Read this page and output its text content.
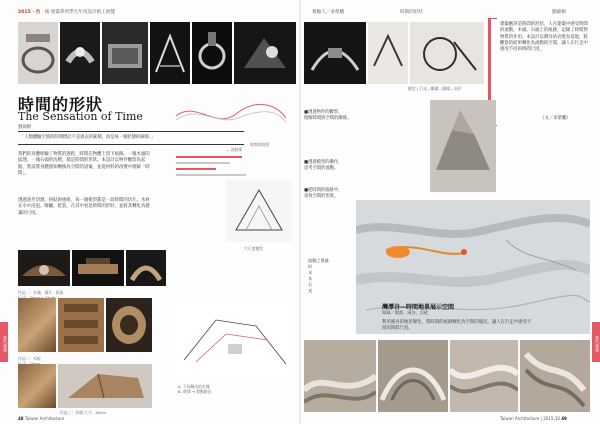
2015 · 台 · 後 建築系所學生年度設計紙上展覽
時間的形狀
The Sensation of Time
劉錦桐
「人類體驗空間的時間標記不是過去的累積，而是每一個狀態的細節。」
— 波赫斯
我們的身體經驗了物質的過程，時間在物體上留下痕跡。一塊木頭的紋理、一塊石頭的沈積，都是時間的形狀。本設計以物件觀察為起點，嘗試將身體感知轉換為空間的語彙，並從材料的改變中理解「時間」。
透過逐步切割、拼貼與重組，每一個模型都是一段時間的切片。木材在水中浸泡、曝曬、乾裂，在其中看見時間的形狀，並將其轉化為建築的尺度。
時間的紋理
大尺度模型
作品一：木塊、鑄片、紙板
作品二：木板
作品三：木塊 尺寸：40cm
A. 不同層次的木塊
B. 時間 → 移動路徑
當代建築
48 Taiwan Architecture
實驗人／來榮鹏	時間的形狀	劉錦桐
模型 | 行走—橋樑—橋樑—水形
建築應該是時間的形狀，人在建築中感受時間的流動。木頭、石頭上的痕跡，記錄了時間對物質的作用。本設計以灣谷的岩壁為基地，將觀察的結果轉化為流動的空間，讓人在行走中感受不同的時間尺度。
（文／來榮鹏）
■透過物件的觀察，
理解時間與空間的關係。
■透過模型的操作，
思考空間的流動。
■從時間的痕跡中，
尋找空間的形狀。
流動之質量
形
水
木
石
光
灣潭谷—時間地景展示空間
場域／灣潭、溪谷、岩壁
利用溪谷的地形變化，將時間的痕跡轉化為空間的層次，讓人在行走中感受不同的時間尺度。
當代建築
Taiwan Architecture | 2015-10 49
